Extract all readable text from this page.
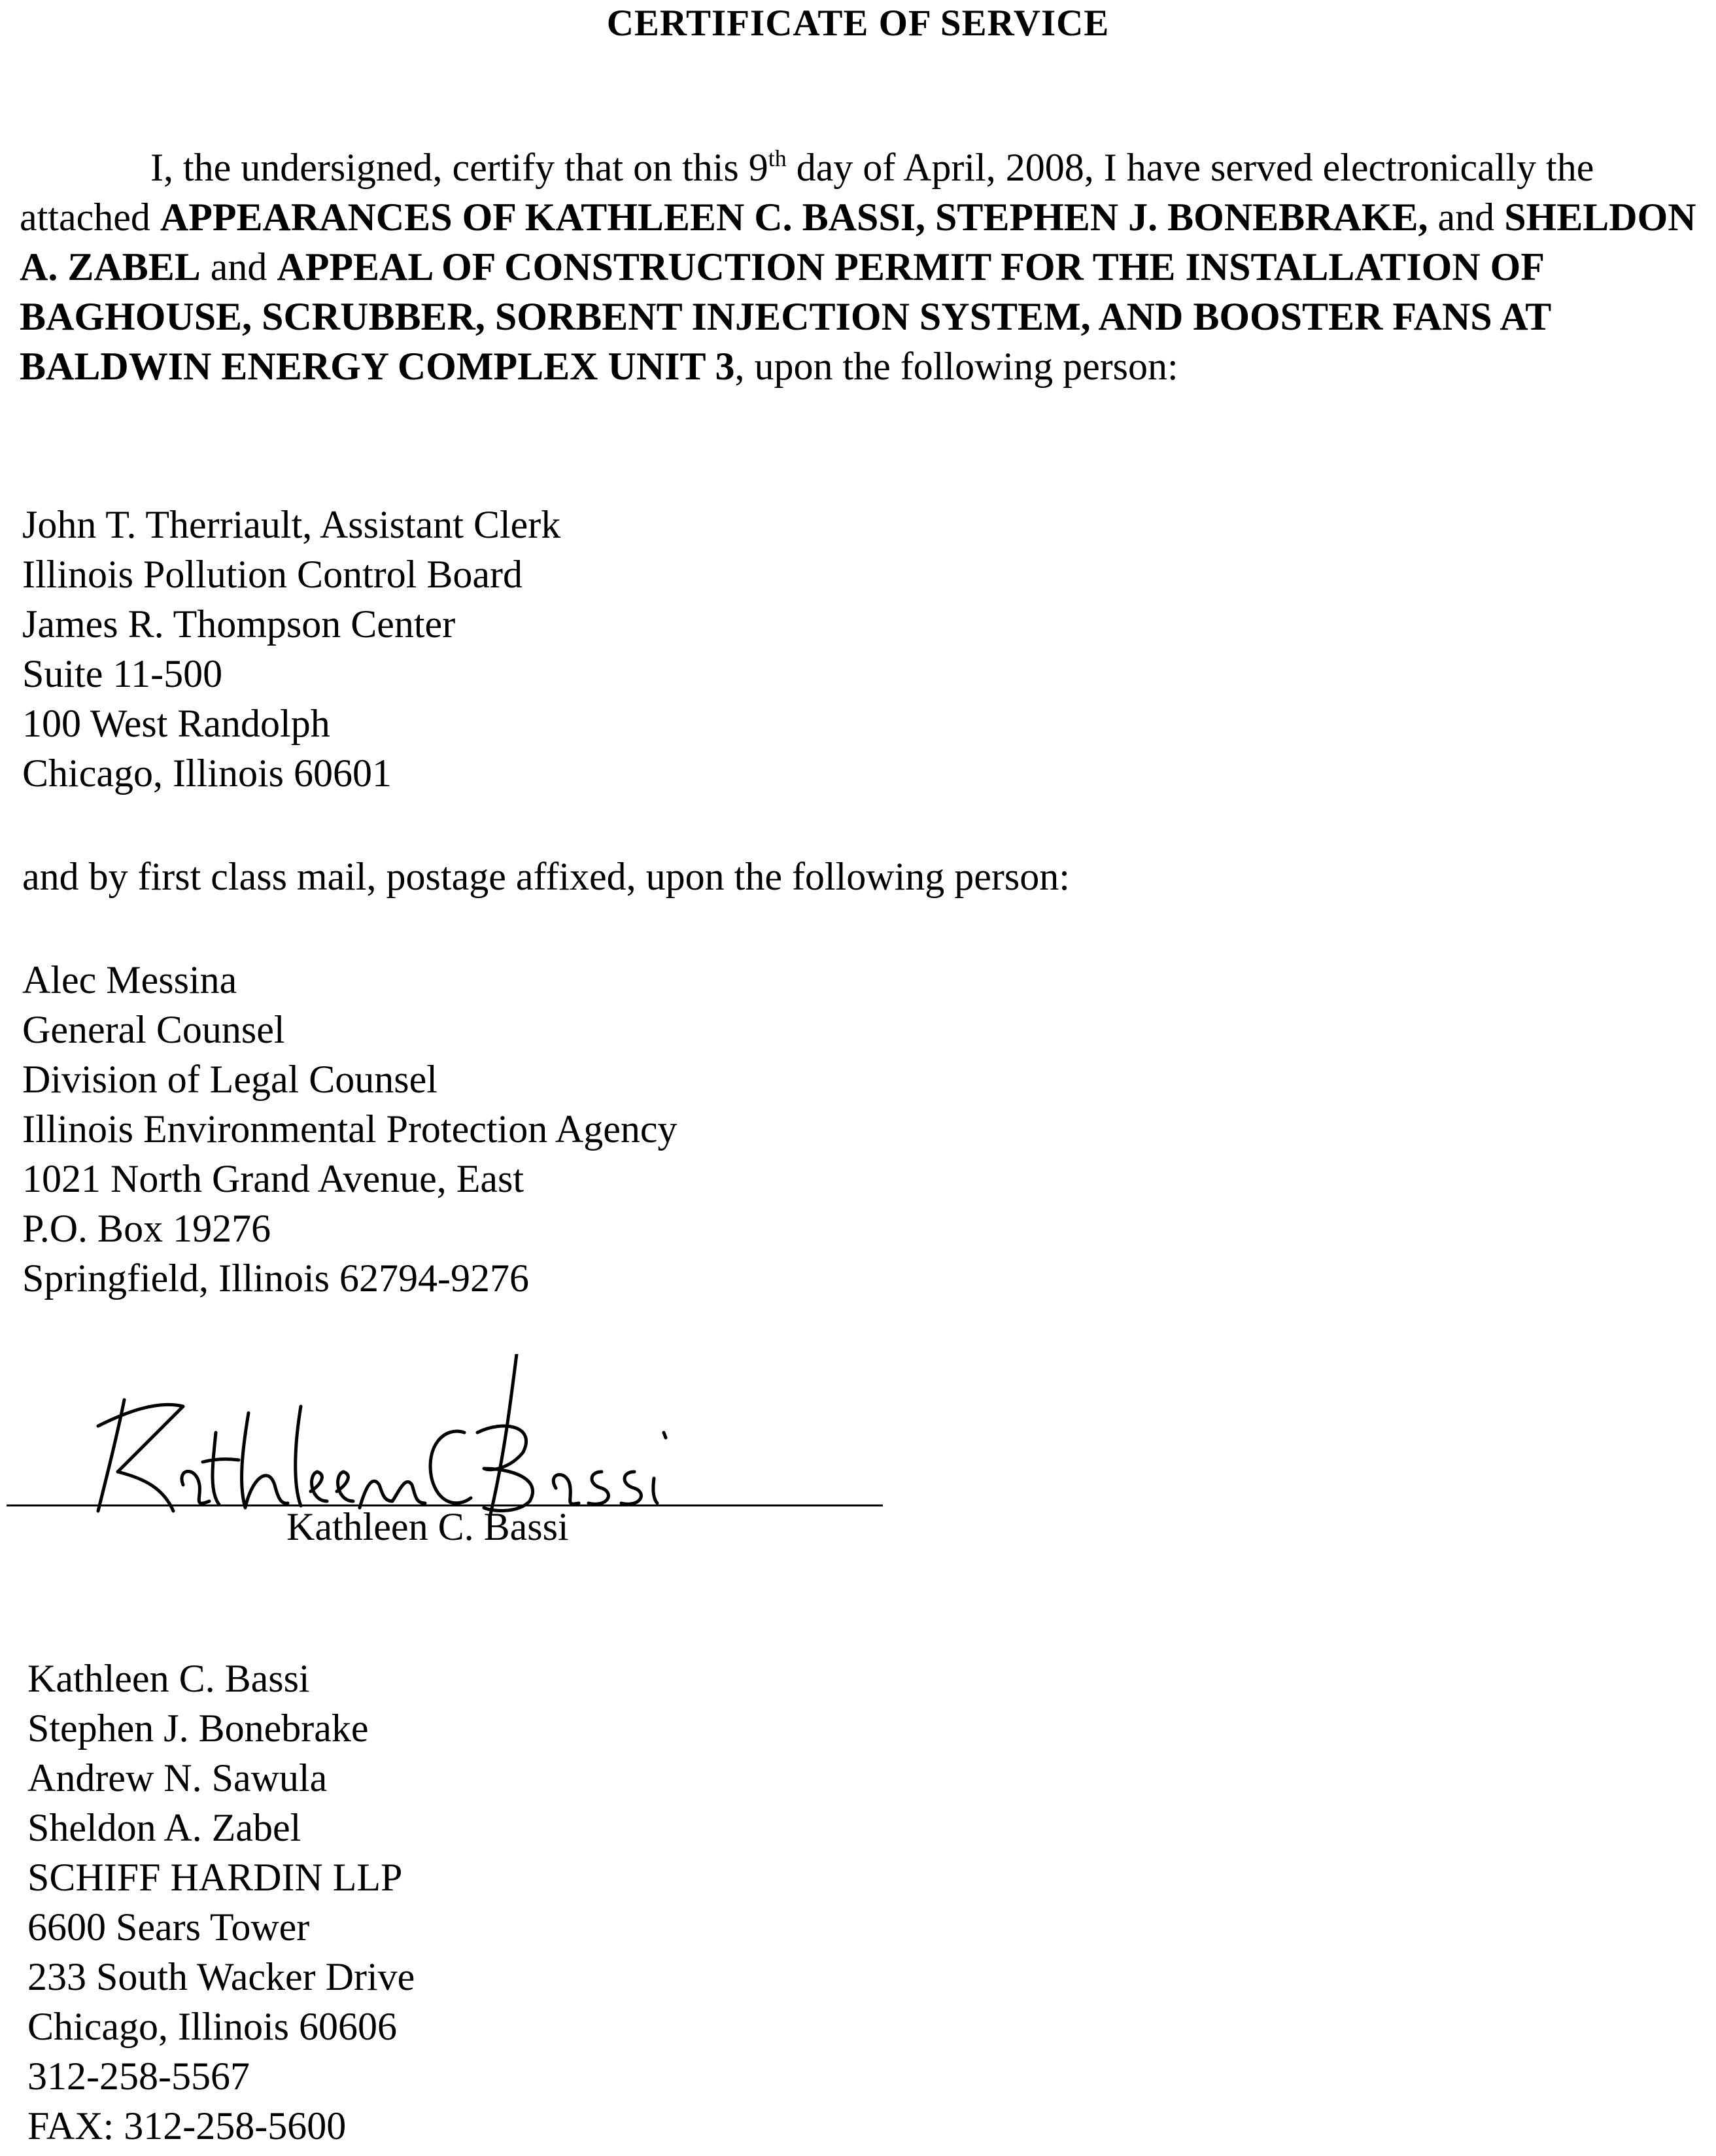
CERTIFICATE OF SERVICE

I, the undersigned, certify that on this 9th day of April, 2008, I have served electronically the attached APPEARANCES OF KATHLEEN C. BASSI, STEPHEN J. BONEBRAKE, and SHELDON A. ZABEL and APPEAL OF CONSTRUCTION PERMIT FOR THE INSTALLATION OF BAGHOUSE, SCRUBBER, SORBENT INJECTION SYSTEM, AND BOOSTER FANS AT BALDWIN ENERGY COMPLEX UNIT 3, upon the following person:

John T. Therriault, Assistant Clerk
Illinois Pollution Control Board
James R. Thompson Center
Suite 11-500
100 West Randolph
Chicago, Illinois 60601
and by first class mail, postage affixed, upon the following person:
Alec Messina
General Counsel
Division of Legal Counsel
Illinois Environmental Protection Agency
1021 North Grand Avenue, East
P.O. Box 19276
Springfield, Illinois 62794-9276
Kathleen C. Bassi
Kathleen C. Bassi
Stephen J. Bonebrake
Andrew N. Sawula
Sheldon A. Zabel
SCHIFF HARDIN LLP
6600 Sears Tower
233 South Wacker Drive
Chicago, Illinois 60606
312-258-5567
FAX: 312-258-5600
